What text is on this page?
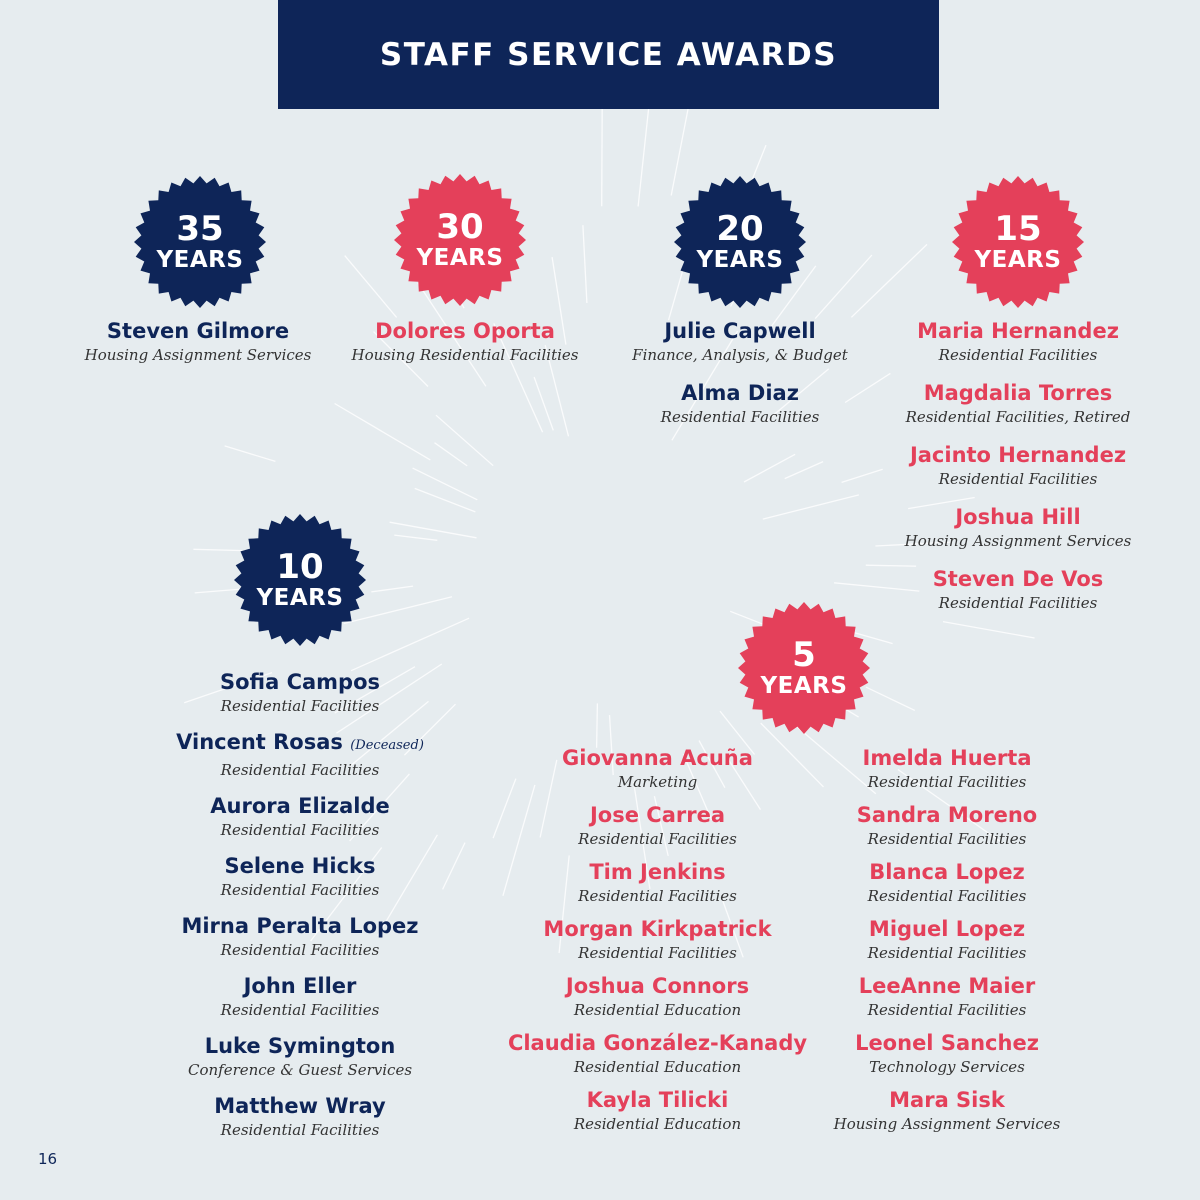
STAFF SERVICE AWARDS
35
YEARS
30
YEARS
20
YEARS
15
YEARS
10
YEARS
5
YEARS
Steven Gilmore
Housing Assignment Services
Dolores Oporta
Housing Residential Facilities
Julie Capwell
Finance, Analysis, & Budget
Alma Diaz
Residential Facilities
Maria Hernandez
Residential Facilities
Magdalia Torres
Residential Facilities, Retired
Jacinto Hernandez
Residential Facilities
Joshua Hill
Housing Assignment Services
Steven De Vos
Residential Facilities
Sofia Campos
Residential Facilities
Vincent Rosas (Deceased)
Residential Facilities
Aurora Elizalde
Residential Facilities
Selene Hicks
Residential Facilities
Mirna Peralta Lopez
Residential Facilities
John Eller
Residential Facilities
Luke Symington
Conference & Guest Services
Matthew Wray
Residential Facilities
Giovanna Acuña
Marketing
Jose Carrea
Residential Facilities
Tim Jenkins
Residential Facilities
Morgan Kirkpatrick
Residential Facilities
Joshua Connors
Residential Education
Claudia González-Kanady
Residential Education
Kayla Tilicki
Residential Education
Imelda Huerta
Residential Facilities
Sandra Moreno
Residential Facilities
Blanca Lopez
Residential Facilities
Miguel Lopez
Residential Facilities
LeeAnne Maier
Residential Facilities
Leonel Sanchez
Technology Services
Mara Sisk
Housing Assignment Services
16
